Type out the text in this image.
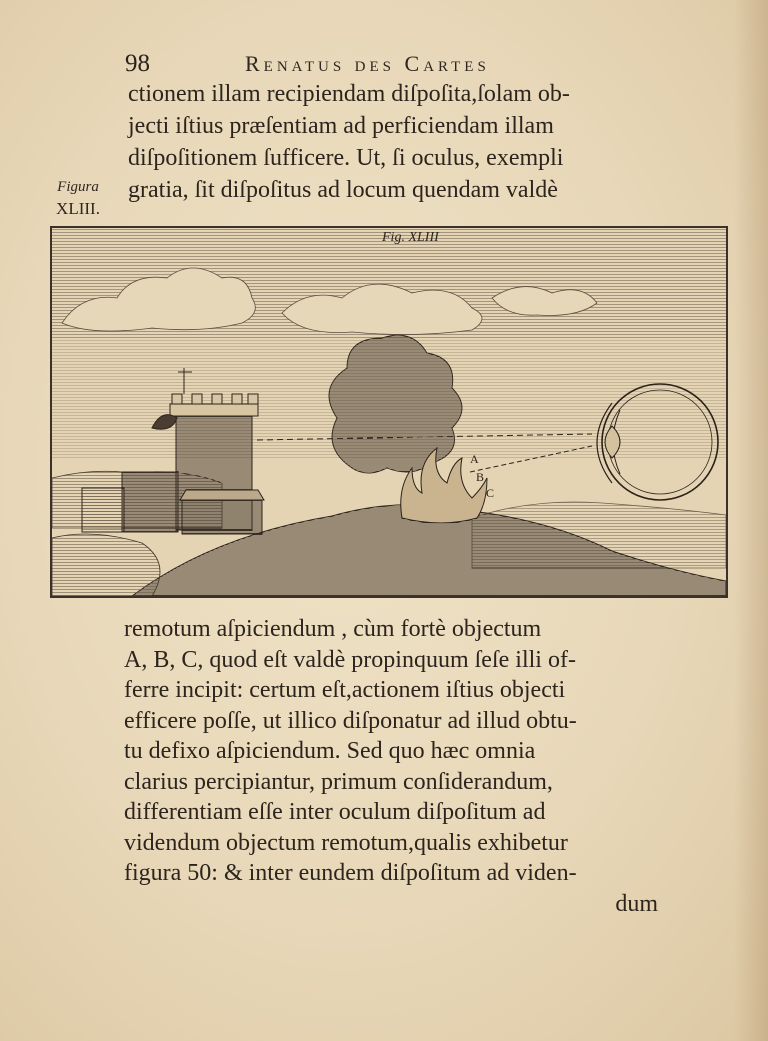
98	Renatus des Cartes
Figura
XLIII.
ctionem illam recipiendam diſpoſita,ſolam ob-
jecti iſtius præſentiam ad perficiendam illam
diſpoſitionem ſufficere. Ut, ſi oculus, exempli
gratia, ſit diſpoſitus ad locum quendam valdè
Fig. XLIII
A
B
C
remotum aſpiciendum , cùm fortè objectum
A, B, C, quod eſt valdè propinquum ſeſe illi of-
ferre incipit: certum eſt,actionem iſtius objecti
efficere poſſe, ut illico diſponatur ad illud obtu-
tu defixo aſpiciendum. Sed quo hæc omnia
clarius percipiantur, primum conſiderandum,
differentiam eſſe inter oculum diſpoſitum ad
videndum objectum remotum,qualis exhibetur
figura 50: & inter eundem diſpoſitum ad viden-
dum
